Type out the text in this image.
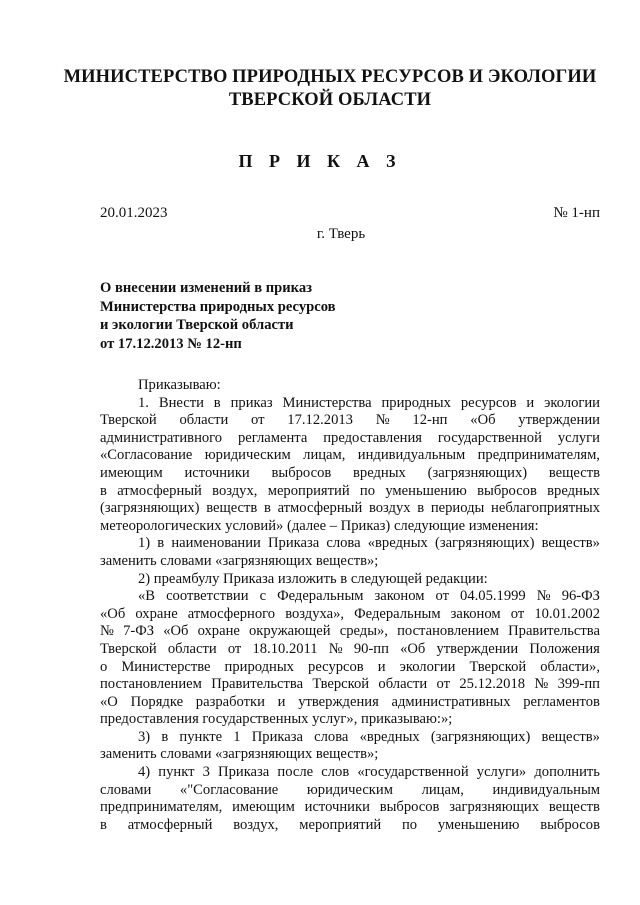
МИНИСТЕРСТВО ПРИРОДНЫХ РЕСУРСОВ И ЭКОЛОГИИ
ТВЕРСКОЙ ОБЛАСТИ
П Р И К А З
20.01.2023	№ 1-нп
г. Тверь
О внесении изменений в приказ
Министерства природных ресурсов
и экологии Тверской области
от 17.12.2013 № 12-нп
Приказываю:
1. Внести в приказ Министерства природных ресурсов и экологии
Тверской области от 17.12.2013 № 12-нп «Об утверждении
административного регламента предоставления государственной услуги
«Согласование юридическим лицам, индивидуальным предпринимателям,
имеющим источники выбросов вредных (загрязняющих) веществ
в атмосферный воздух, мероприятий по уменьшению выбросов вредных
(загрязняющих) веществ в атмосферный воздух в периоды неблагоприятных
метеорологических условий» (далее – Приказ) следующие изменения:
1) в наименовании Приказа слова «вредных (загрязняющих) веществ»
заменить словами «загрязняющих веществ»;
2) преамбулу Приказа изложить в следующей редакции:
«В соответствии с Федеральным законом от 04.05.1999 № 96-ФЗ
«Об охране атмосферного воздуха», Федеральным законом от 10.01.2002
№ 7-ФЗ «Об охране окружающей среды», постановлением Правительства
Тверской области от 18.10.2011 № 90-пп «Об утверждении Положения
о Министерстве природных ресурсов и экологии Тверской области»,
постановлением Правительства Тверской области от 25.12.2018 № 399-пп
«О Порядке разработки и утверждения административных регламентов
предоставления государственных услуг», приказываю:»;
3) в пункте 1 Приказа слова «вредных (загрязняющих) веществ»
заменить словами «загрязняющих веществ»;
4) пункт 3 Приказа после слов «государственной услуги» дополнить
словами «"Согласование юридическим лицам, индивидуальным
предпринимателям, имеющим источники выбросов загрязняющих веществ
в атмосферный воздух, мероприятий по уменьшению выбросов
